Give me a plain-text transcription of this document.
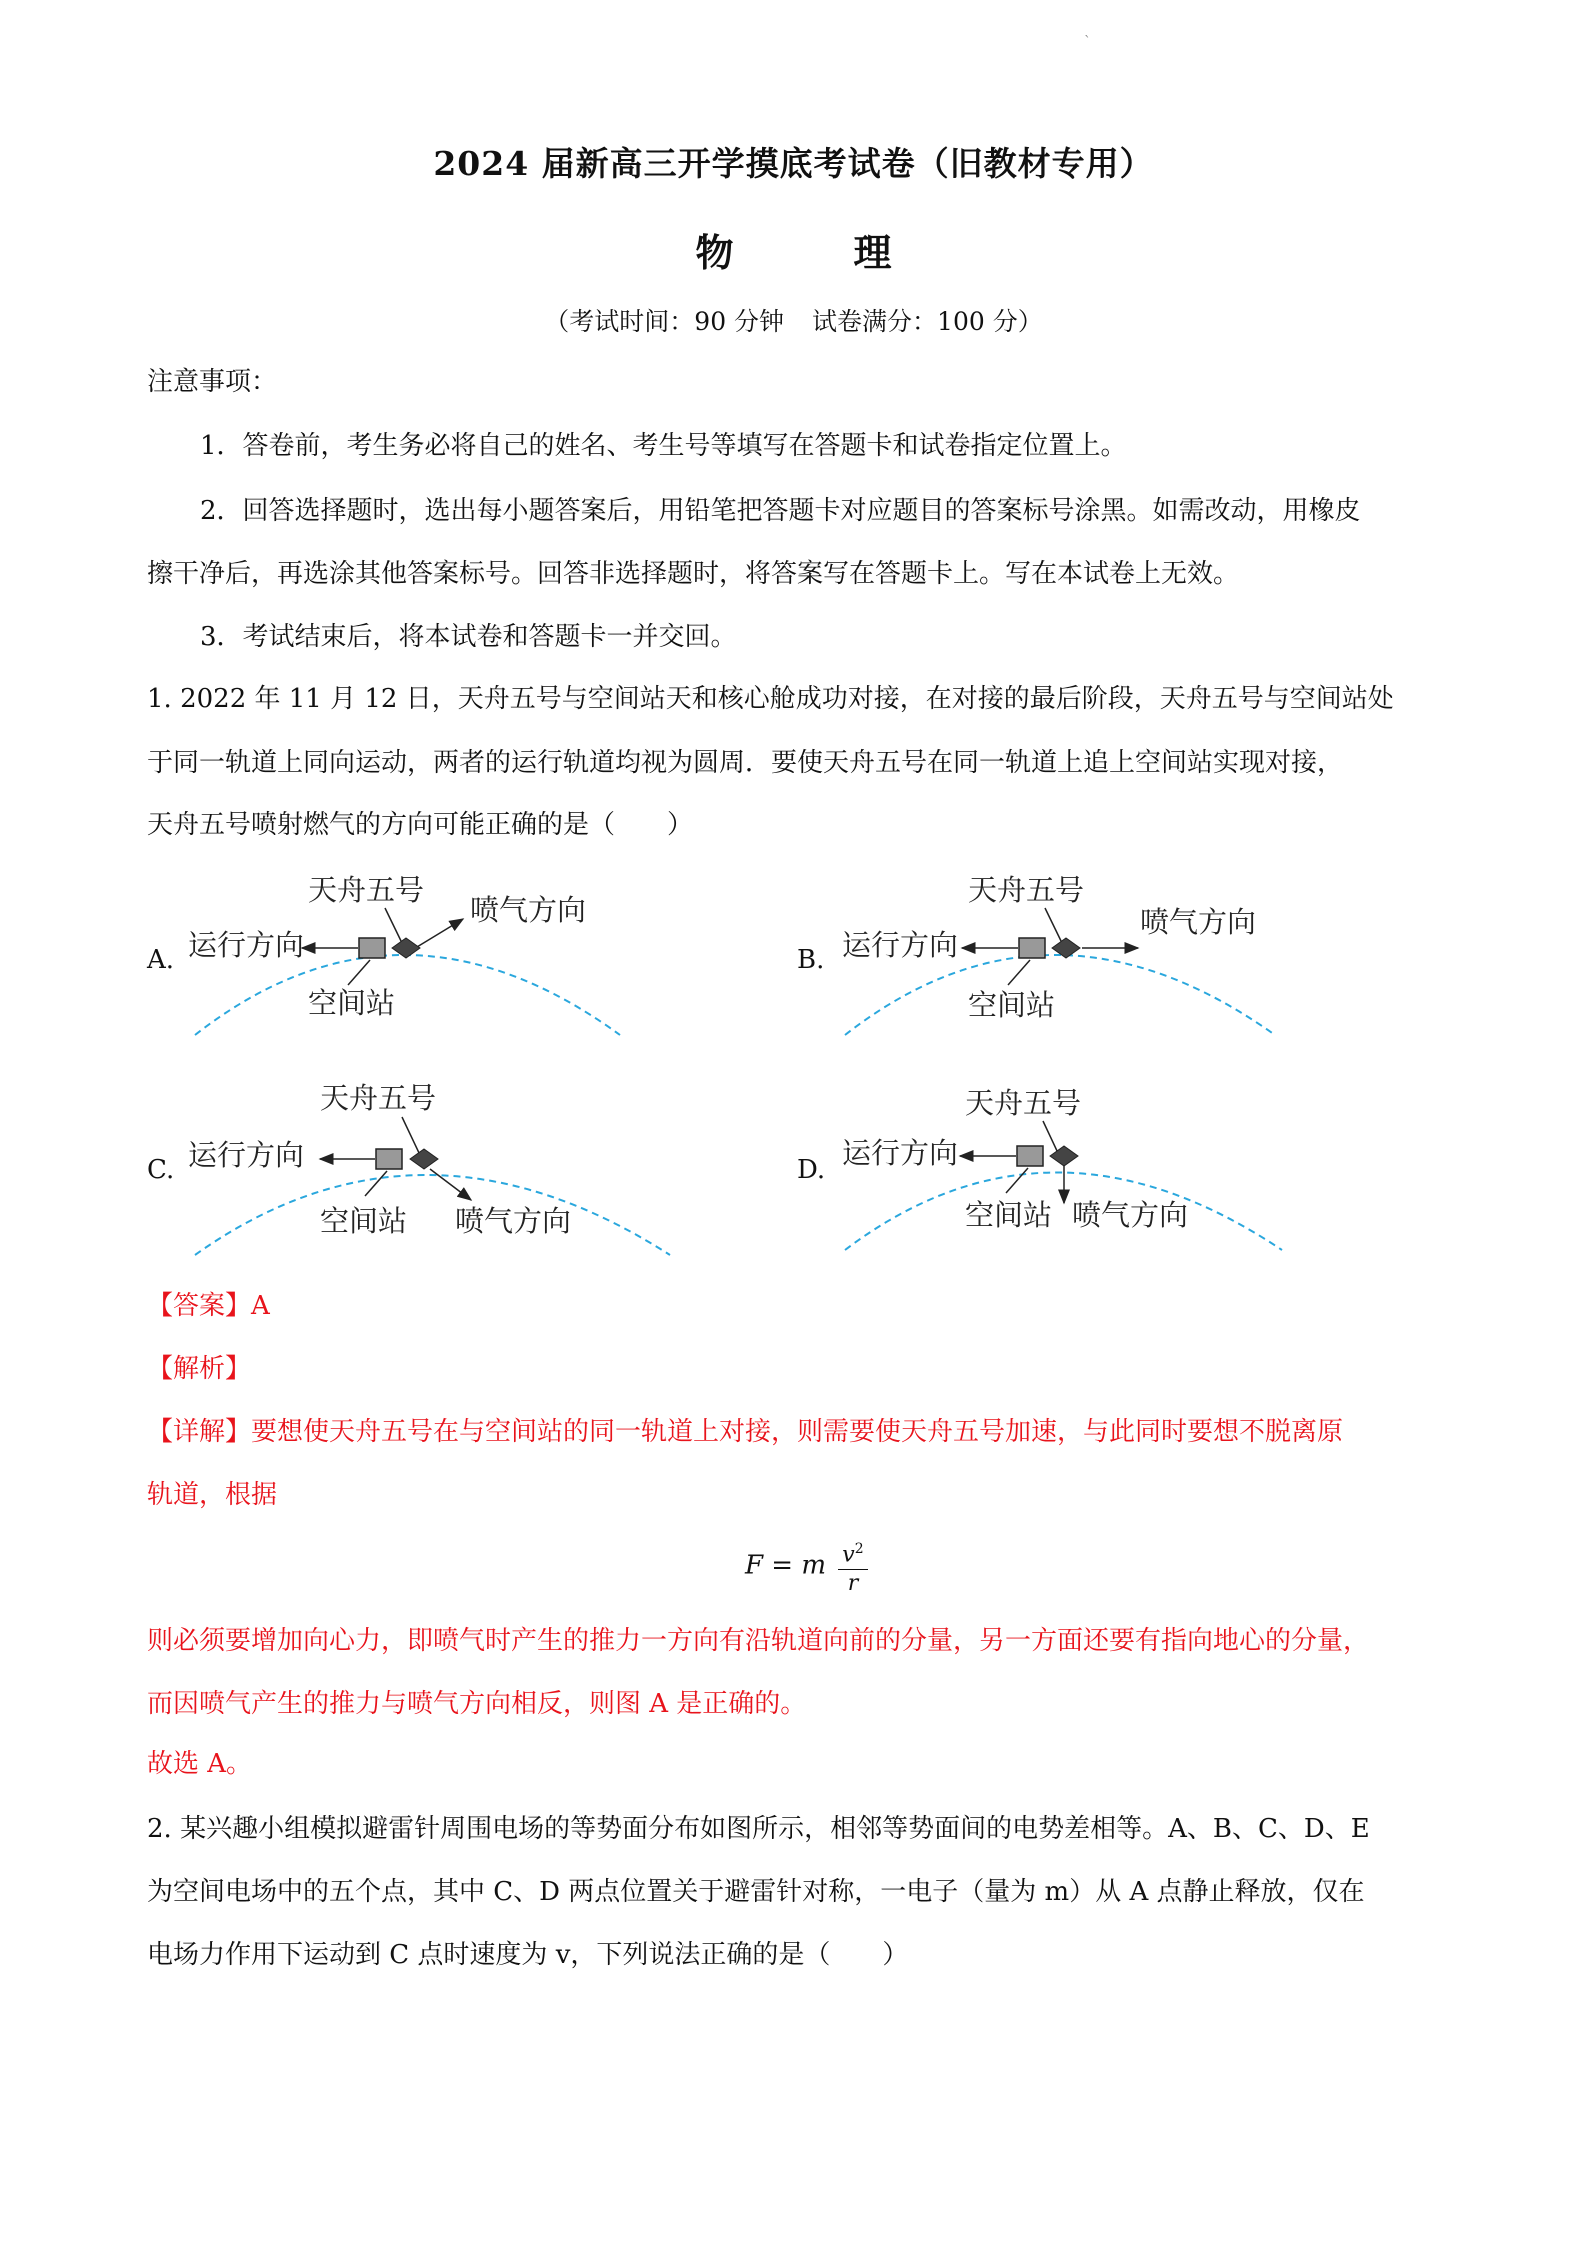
`
2024 届新高三开学摸底考试卷（旧教材专用）
物	理
（考试时间：90 分钟 试卷满分：100 分）
注意事项：
1．答卷前，考生务必将自己的姓名、考生号等填写在答题卡和试卷指定位置上。
2．回答选择题时，选出每小题答案后，用铅笔把答题卡对应题目的答案标号涂黑。如需改动，用橡皮
擦干净后，再选涂其他答案标号。回答非选择题时，将答案写在答题卡上。写在本试卷上无效。
3．考试结束后，将本试卷和答题卡一并交回。
1. 2022 年 11 月 12 日，天舟五号与空间站天和核心舱成功对接，在对接的最后阶段，天舟五号与空间站处
于同一轨道上同向运动，两者的运行轨道均视为圆周．要使天舟五号在同一轨道上追上空间站实现对接，
天舟五号喷射燃气的方向可能正确的是（　　）
A.	B.
C.	D.
天舟五号
喷气方向
运行方向
空间站
天舟五号
喷气方向
运行方向
空间站
天舟五号
运行方向
空间站 喷气方向
天舟五号
运行方向
空间站 喷气方向
【答案】A
【解析】
【详解】要想使天舟五号在与空间站的同一轨道上对接，则需要使天舟五号加速，与此同时要想不脱离原
轨道，根据
F = m $\frac{v^2}{r}$
则必须要增加向心力，即喷气时产生的推力一方向有沿轨道向前的分量，另一方面还要有指向地心的分量，
而因喷气产生的推力与喷气方向相反，则图 A 是正确的。
故选 A。
2. 某兴趣小组模拟避雷针周围电场的等势面分布如图所示，相邻等势面间的电势差相等。A、B、C、D、E
为空间电场中的五个点，其中 C、D 两点位置关于避雷针对称，一电子（量为 m）从 A 点静止释放，仅在
电场力作用下运动到 C 点时速度为 v，下列说法正确的是（　　）
